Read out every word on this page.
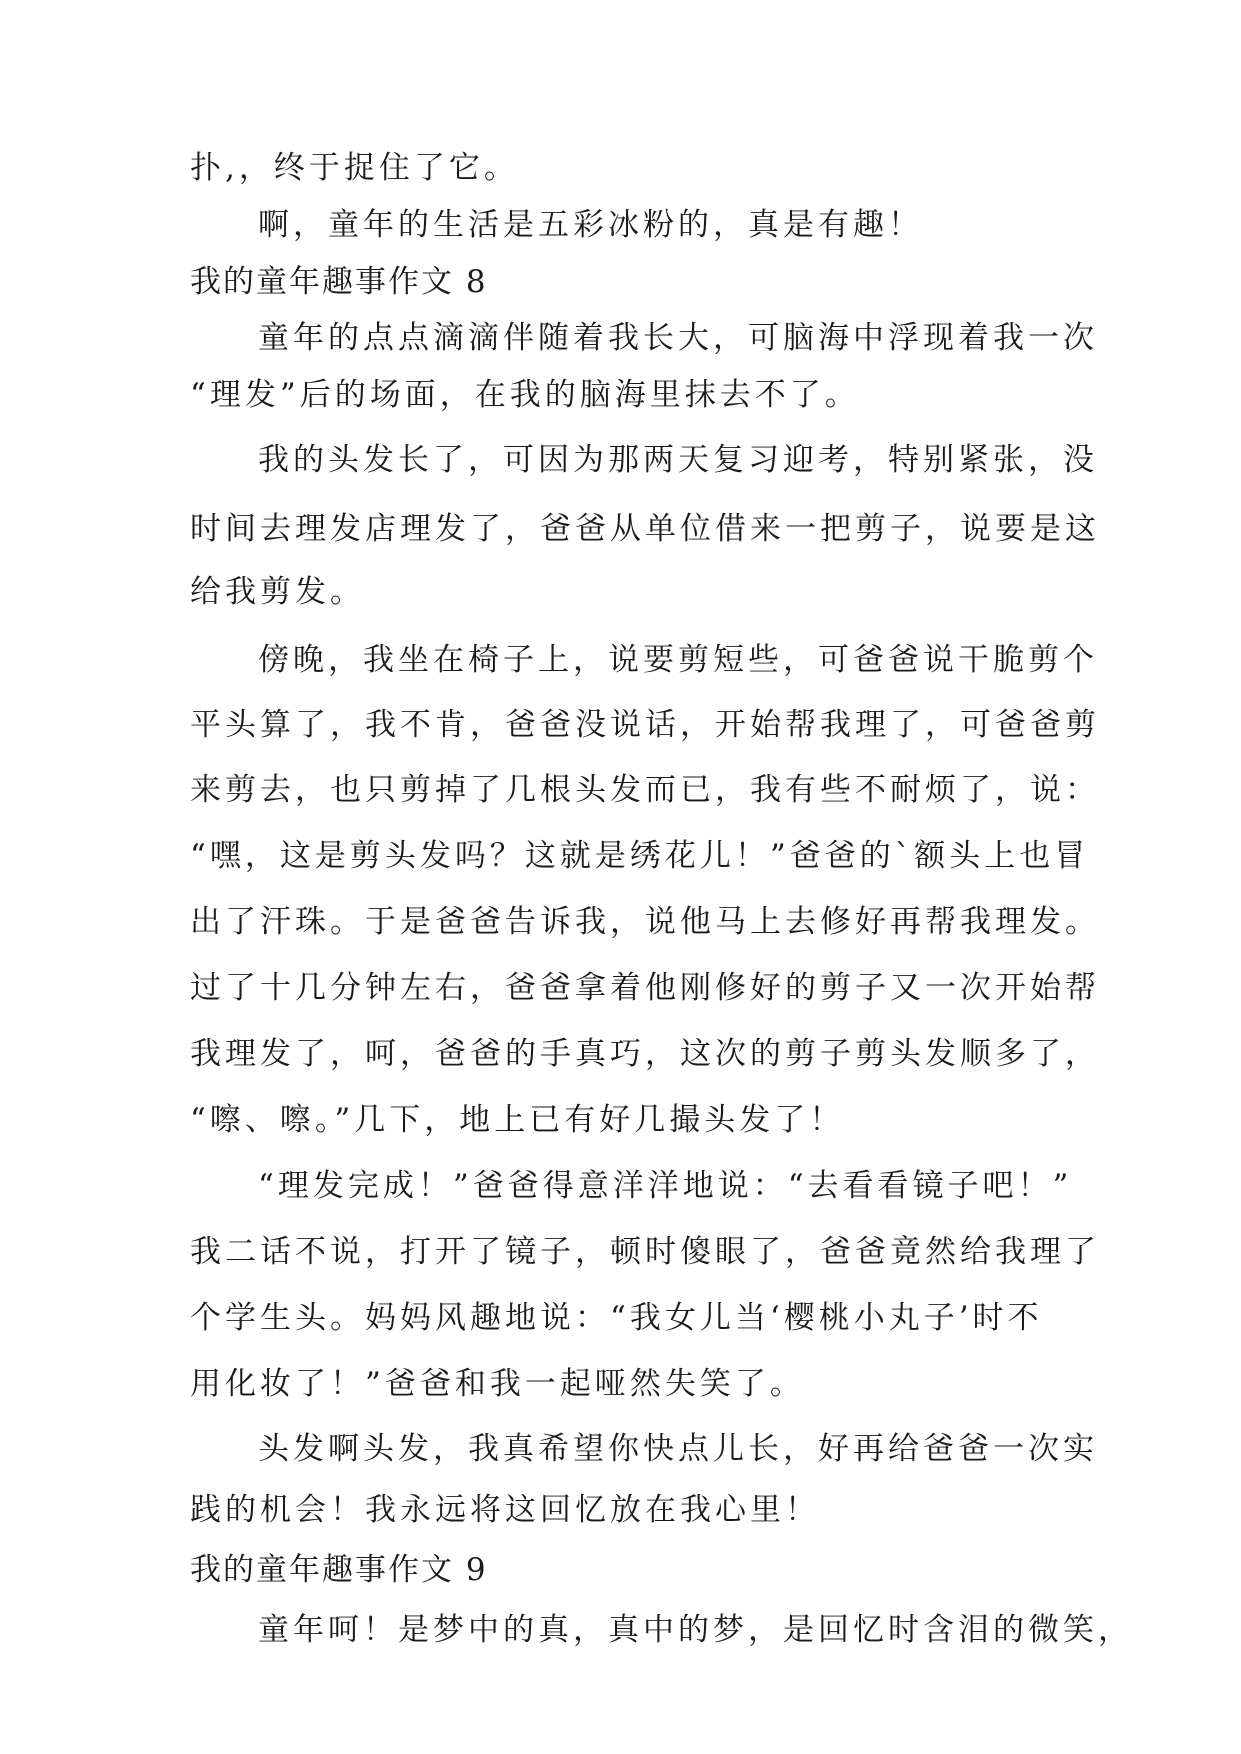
扑,，终于捉住了它。
啊，童年的生活是五彩冰粉的，真是有趣！
我的童年趣事作文 8
童年的点点滴滴伴随着我长大，可脑海中浮现着我一次
“理发”后的场面，在我的脑海里抹去不了。
我的头发长了，可因为那两天复习迎考，特别紧张，没
时间去理发店理发了，爸爸从单位借来一把剪子，说要是这
给我剪发。
傍晚，我坐在椅子上，说要剪短些，可爸爸说干脆剪个
平头算了，我不肯，爸爸没说话，开始帮我理了，可爸爸剪
来剪去，也只剪掉了几根头发而已，我有些不耐烦了，说：
“嘿，这是剪头发吗？这就是绣花儿！”爸爸的`额头上也冒
出了汗珠。于是爸爸告诉我，说他马上去修好再帮我理发。
过了十几分钟左右，爸爸拿着他刚修好的剪子又一次开始帮
我理发了，呵，爸爸的手真巧，这次的剪子剪头发顺多了，
“嚓、嚓。”几下，地上已有好几撮头发了！
“理发完成！”爸爸得意洋洋地说：“去看看镜子吧！”
我二话不说，打开了镜子，顿时傻眼了，爸爸竟然给我理了
个学生头。妈妈风趣地说：“我女儿当‘樱桃小丸子’时不
用化妆了！”爸爸和我一起哑然失笑了。
头发啊头发，我真希望你快点儿长，好再给爸爸一次实
践的机会！我永远将这回忆放在我心里！
我的童年趣事作文 9
童年呵！是梦中的真，真中的梦，是回忆时含泪的微笑，
